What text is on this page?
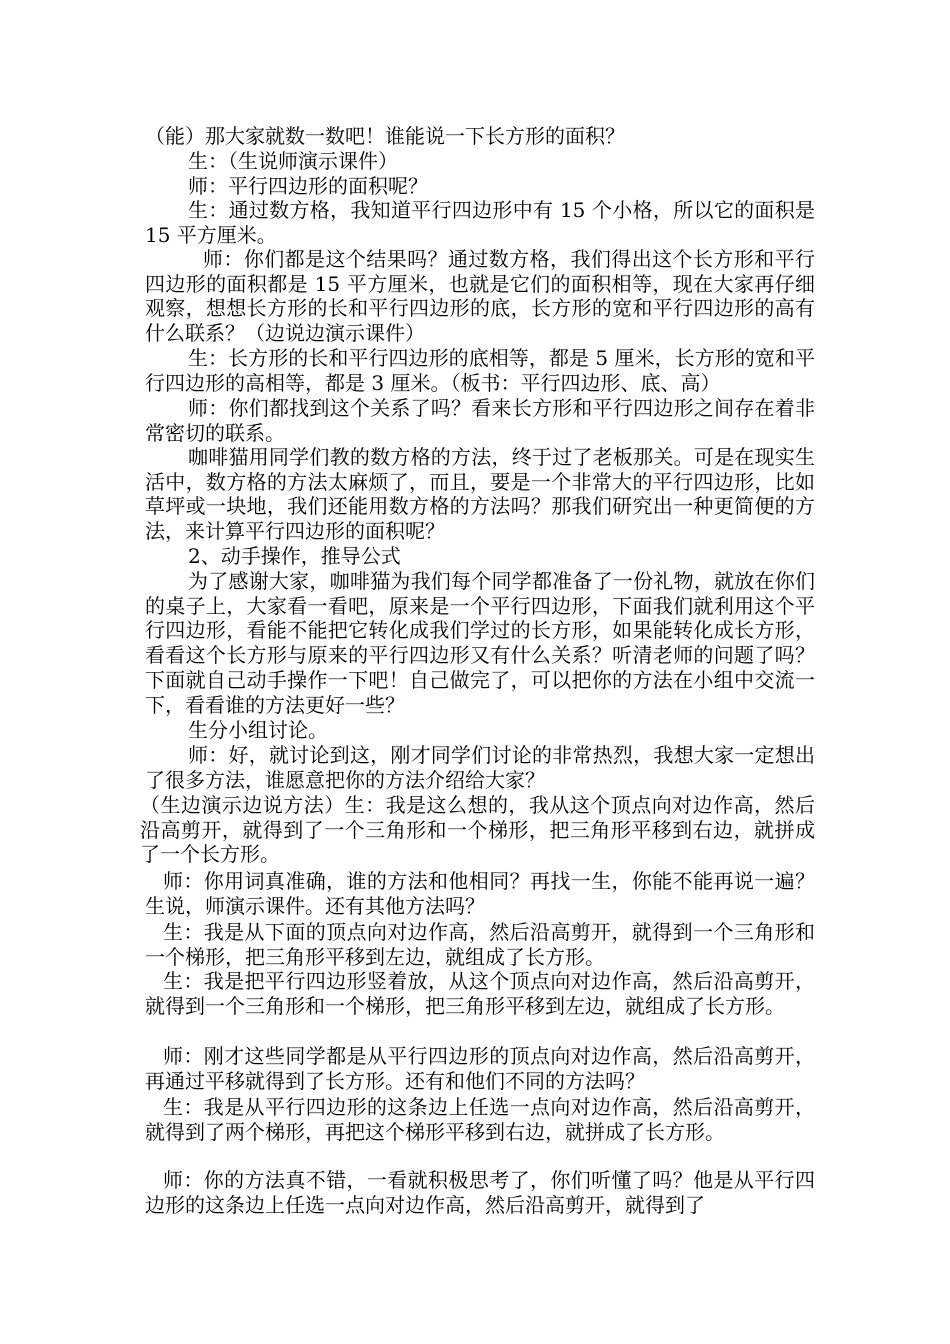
（能）那大家就数一数吧！谁能说一下长方形的面积？

生：（生说师演示课件）

师：平行四边形的面积呢？

生：通过数方格，我知道平行四边形中有 15 个小格，所以它的面积是 15 平方厘米。

师：你们都是这个结果吗？通过数方格，我们得出这个长方形和平行四边形的面积都是 15 平方厘米，也就是它们的面积相等，现在大家再仔细观察，想想长方形的长和平行四边形的底，长方形的宽和平行四边形的高有什么联系？（边说边演示课件）

生：长方形的长和平行四边形的底相等，都是 5 厘米，长方形的宽和平行四边形的高相等，都是 3 厘米。（板书：平行四边形、底、高）

师：你们都找到这个关系了吗？看来长方形和平行四边形之间存在着非常密切的联系。

咖啡猫用同学们教的数方格的方法，终于过了老板那关。可是在现实生活中，数方格的方法太麻烦了，而且，要是一个非常大的平行四边形，比如草坪或一块地，我们还能用数方格的方法吗？那我们研究出一种更简便的方法，来计算平行四边形的面积呢？

2、动手操作，推导公式

为了感谢大家，咖啡猫为我们每个同学都准备了一份礼物，就放在你们的桌子上，大家看一看吧，原来是一个平行四边形，下面我们就利用这个平行四边形，看能不能把它转化成我们学过的长方形，如果能转化成长方形，看看这个长方形与原来的平行四边形又有什么关系？听清老师的问题了吗？下面就自己动手操作一下吧！自己做完了，可以把你的方法在小组中交流一下，看看谁的方法更好一些？

生分小组讨论。

师：好，就讨论到这，刚才同学们讨论的非常热烈，我想大家一定想出了很多方法，谁愿意把你的方法介绍给大家？

（生边演示边说方法）生：我是这么想的，我从这个顶点向对边作高，然后沿高剪开，就得到了一个三角形和一个梯形，把三角形平移到右边，就拼成了一个长方形。

师：你用词真准确，谁的方法和他相同？再找一生，你能不能再说一遍？生说，师演示课件。还有其他方法吗？

生：我是从下面的顶点向对边作高，然后沿高剪开，就得到一个三角形和一个梯形，把三角形平移到左边，就组成了长方形。

生：我是把平行四边形竖着放，从这个顶点向对边作高，然后沿高剪开，就得到一个三角形和一个梯形，把三角形平移到左边，就组成了长方形。

师：刚才这些同学都是从平行四边形的顶点向对边作高，然后沿高剪开，再通过平移就得到了长方形。还有和他们不同的方法吗？

生：我是从平行四边形的这条边上任选一点向对边作高，然后沿高剪开，就得到了两个梯形，再把这个梯形平移到右边，就拼成了长方形。

师：你的方法真不错，一看就积极思考了，你们听懂了吗？他是从平行四边形的这条边上任选一点向对边作高，然后沿高剪开，就得到了
